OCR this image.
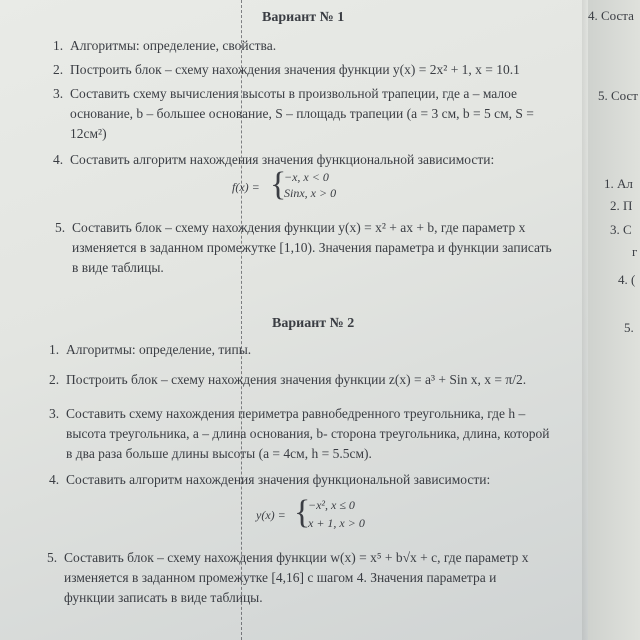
Вариант № 1
1. Алгоритмы: определение, свойства.
2. Построить блок – схему нахождения значения функции y(x) = 2x² + 1, x = 10.1
3. Составить схему вычисления высоты в произвольной трапеции, где a – малое
основание, b – большее основание, S – площадь трапеции (a = 3 см, b = 5 см, S =
12см²)
4. Составить алгоритм нахождения значения функциональной зависимости:
f(x) = {
−x, x < 0
Sinx, x > 0
5. Составить блок – схему нахождения функции y(x) = x² + ax + b, где параметр x
изменяется в заданном промежутке [1,10). Значения параметра и функции записать
в виде таблицы.
Вариант № 2
1. Алгоритмы: определение, типы.
2. Построить блок – схему нахождения значения функции z(x) = a³ + Sin x, x = π/2.
3. Составить схему нахождения периметра равнобедренного треугольника, где h –
высота треугольника, a – длина основания, b- сторона треугольника, длина, которой
в два раза больше длины высоты (a = 4см, h = 5.5см).
4. Составить алгоритм нахождения значения функциональной зависимости:
y(x) = {
−x², x ≤ 0
x + 1, x > 0
5. Составить блок – схему нахождения функции w(x) = x⁵ + b√x + c, где параметр x
изменяется в заданном промежутке [4,16] с шагом 4. Значения параметра и
функции записать в виде таблицы.
4. Соста
5. Сост
1. Ал
2. П
3. С
г
4. (
5.
